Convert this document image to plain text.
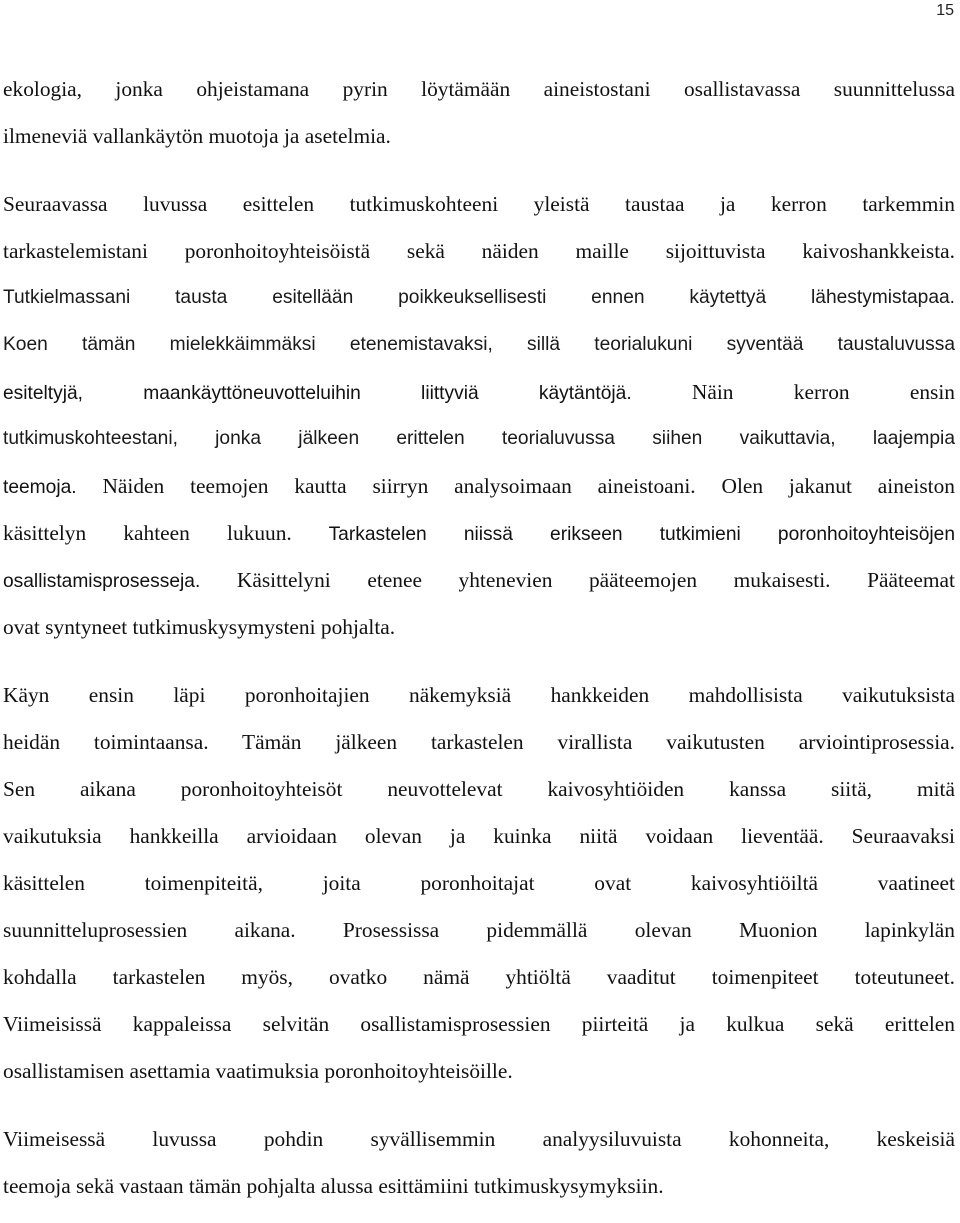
15
ekologia, jonka ohjeistamana pyrin löytämään aineistostani osallistavassa suunnittelussa
ilmeneviä vallankäytön muotoja ja asetelmia.
Seuraavassa luvussa esittelen tutkimuskohteeni yleistä taustaa ja kerron tarkemmin
tarkastelemistani poronhoitoyhteisöistä sekä näiden maille sijoittuvista kaivoshankkeista.
Tutkielmassani tausta esitellään poikkeuksellisesti ennen käytettyä lähestymistapaa.
Koen tämän mielekkäimmäksi etenemistavaksi, sillä teorialukuni syventää taustaluvussa
esiteltyjä, maankäyttöneuvotteluihin liittyviä käytäntöjä.	Näin kerron ensin
tutkimuskohteestani, jonka jälkeen erittelen teorialuvussa siihen vaikuttavia, laajempia
teemoja. Näiden teemojen kautta siirryn analysoimaan aineistoani. Olen jakanut aineiston
käsittelyn kahteen lukuun. Tarkastelen niissä erikseen tutkimieni poronhoitoyhteisöjen
osallistamisprosesseja. Käsittelyni etenee yhtenevien pääteemojen mukaisesti. Pääteemat
ovat syntyneet tutkimuskysymysteni pohjalta.
Käyn ensin läpi poronhoitajien näkemyksiä hankkeiden mahdollisista vaikutuksista
heidän toimintaansa. Tämän jälkeen tarkastelen virallista vaikutusten arviointiprosessia.
Sen aikana poronhoitoyhteisöt neuvottelevat kaivosyhtiöiden kanssa siitä, mitä
vaikutuksia hankkeilla arvioidaan olevan ja kuinka niitä voidaan lieventää. Seuraavaksi
käsittelen toimenpiteitä, joita poronhoitajat ovat kaivosyhtiöiltä vaatineet
suunnitteluprosessien aikana. Prosessissa pidemmällä olevan Muonion lapinkylän
kohdalla tarkastelen myös, ovatko nämä yhtiöltä vaaditut toimenpiteet toteutuneet.
Viimeisissä kappaleissa selvitän osallistamisprosessien piirteitä ja kulkua sekä erittelen
osallistamisen asettamia vaatimuksia poronhoitoyhteisöille.
Viimeisessä luvussa pohdin syvällisemmin analyysiluvuista kohonneita, keskeisiä
teemoja sekä vastaan tämän pohjalta alussa esittämiini tutkimuskysymyksiin.
